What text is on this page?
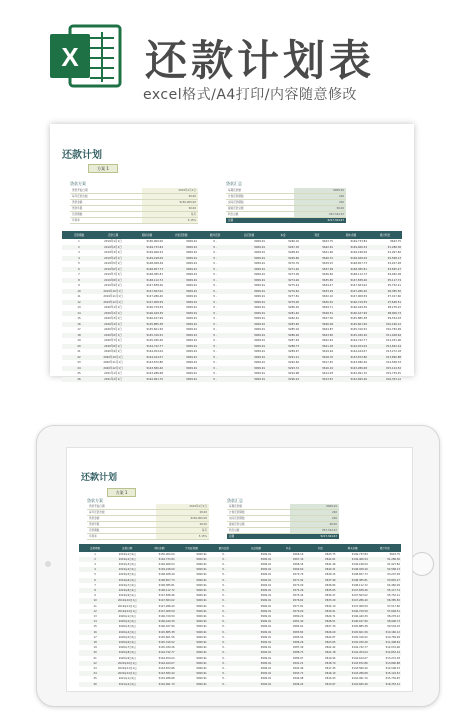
X 还款计划表
excel格式/A4打印/内容随意修改
还款计划
方案 1
贷款方案
贷款开始日期	2019年1月1日
每年还款次数	¥0.00
贷款金额	¥150,000.00
贷款年限	¥0.00
还款期数	每月
年利率	5.15%
贷款汇总
每期还款额	¥909.91
计划还款期数	240
实际还款期数	240
提前还款总额	¥0.00
利息总额	¥67,344.67
总额	¥217,344.67
还款期数	还款日期	期初余额	计划还款额	额外还款	总还款额	本金	利息	期末余额	累计利息
1	2019年1月1日	¥150,000.00	¥909.91	¥ -	¥909.91	¥266.16	¥643.75	¥149,733.84	¥643.75
2	2019年2月1日	¥149,733.84	¥909.91	¥ -	¥909.91	¥267.30	¥642.61	¥149,466.54	¥1,286.36
3	2019年3月1日	¥149,466.54	¥909.91	¥ -	¥909.91	¥268.45	¥641.46	¥149,198.09	¥1,927.82
4	2019年4月1日	¥149,198.09	¥909.91	¥ -	¥909.91	¥269.60	¥640.31	¥148,928.49	¥2,568.13
5	2019年5月1日	¥148,928.49	¥909.91	¥ -	¥909.91	¥270.76	¥639.15	¥148,657.73	¥3,207.28
6	2019年6月1日	¥148,657.73	¥909.91	¥ -	¥909.91	¥271.92	¥637.99	¥148,385.81	¥3,845.27
7	2019年7月1日	¥148,385.81	¥909.91	¥ -	¥909.91	¥273.09	¥636.82	¥148,112.72	¥4,482.09
8	2019年8月1日	¥148,112.72	¥909.91	¥ -	¥909.91	¥274.26	¥635.65	¥147,838.46	¥5,117.74
9	2019年9月1日	¥147,838.46	¥909.91	¥ -	¥909.91	¥275.44	¥634.47	¥147,563.02	¥5,752.21
10	2019年10月1日	¥147,563.02	¥909.91	¥ -	¥909.91	¥276.62	¥633.29	¥147,286.40	¥6,385.50
11	2019年11月1日	¥147,286.40	¥909.91	¥ -	¥909.91	¥277.81	¥632.10	¥147,008.59	¥7,017.60
12	2019年12月1日	¥147,008.59	¥909.91	¥ -	¥909.91	¥279.00	¥630.91	¥146,729.59	¥7,648.51
13	2020年1月1日	¥146,729.59	¥909.91	¥ -	¥909.91	¥280.20	¥629.71	¥146,449.39	¥8,278.22
14	2020年2月1日	¥146,449.39	¥909.91	¥ -	¥909.91	¥281.40	¥628.51	¥146,167.99	¥8,906.73
15	2020年3月1日	¥146,167.99	¥909.91	¥ -	¥909.91	¥282.61	¥627.30	¥145,885.38	¥9,534.03
16	2020年4月1日	¥145,885.38	¥909.91	¥ -	¥909.91	¥283.82	¥626.09	¥145,601.56	¥10,160.12
17	2020年5月1日	¥145,601.56	¥909.91	¥ -	¥909.91	¥285.04	¥624.87	¥145,316.52	¥10,784.99
18	2020年6月1日	¥145,316.52	¥909.91	¥ -	¥909.91	¥286.26	¥623.65	¥145,030.26	¥11,408.64
19	2020年7月1日	¥145,030.26	¥909.91	¥ -	¥909.91	¥287.49	¥622.42	¥144,742.77	¥12,031.06
20	2020年8月1日	¥144,742.77	¥909.91	¥ -	¥909.91	¥288.73	¥621.18	¥144,454.04	¥12,652.24
21	2020年9月1日	¥144,454.04	¥909.91	¥ -	¥909.91	¥289.97	¥619.94	¥144,164.07	¥13,272.18
22	2020年10月1日	¥144,164.07	¥909.91	¥ -	¥909.91	¥291.21	¥618.70	¥143,872.86	¥13,890.88
23	2020年11月1日	¥143,872.86	¥909.91	¥ -	¥909.91	¥292.46	¥617.45	¥143,580.40	¥14,508.33
24	2020年12月1日	¥143,580.40	¥909.91	¥ -	¥909.91	¥293.72	¥616.19	¥143,286.68	¥15,124.52
25	2021年1月1日	¥143,286.68	¥909.91	¥ -	¥909.91	¥294.98	¥614.93	¥142,991.70	¥15,739.45
26	2021年2月1日	¥142,991.70	¥909.91	¥ -	¥909.91	¥296.24	¥613.67	¥142,695.46	¥16,353.12
还款计划
方案 1
贷款方案
贷款开始日期	2019年1月1日
每年还款次数	¥0.00
贷款金额	¥150,000.00
贷款年限	¥0.00
还款期数	每月
年利率	5.15%
贷款汇总
每期还款额	¥909.91
计划还款期数	240
实际还款期数	240
提前还款总额	¥0.00
利息总额	¥67,344.67
总额	¥217,344.67
还款期数	还款日期	期初余额	计划还款额	额外还款	总还款额	本金	利息	期末余额	累计利息
1	2019年1月1日	¥150,000.00	¥909.91	¥ -	¥909.91	¥266.16	¥643.75	¥149,733.84	¥643.75
2	2019年2月1日	¥149,733.84	¥909.91	¥ -	¥909.91	¥267.30	¥642.61	¥149,466.54	¥1,286.36
3	2019年3月1日	¥149,466.54	¥909.91	¥ -	¥909.91	¥268.45	¥641.46	¥149,198.09	¥1,927.82
4	2019年4月1日	¥149,198.09	¥909.91	¥ -	¥909.91	¥269.60	¥640.31	¥148,928.49	¥2,568.13
5	2019年5月1日	¥148,928.49	¥909.91	¥ -	¥909.91	¥270.76	¥639.15	¥148,657.73	¥3,207.28
6	2019年6月1日	¥148,657.73	¥909.91	¥ -	¥909.91	¥271.92	¥637.99	¥148,385.81	¥3,845.27
7	2019年7月1日	¥148,385.81	¥909.91	¥ -	¥909.91	¥273.09	¥636.82	¥148,112.72	¥4,482.09
8	2019年8月1日	¥148,112.72	¥909.91	¥ -	¥909.91	¥274.26	¥635.65	¥147,838.46	¥5,117.74
9	2019年9月1日	¥147,838.46	¥909.91	¥ -	¥909.91	¥275.44	¥634.47	¥147,563.02	¥5,752.21
10	2019年10月1日	¥147,563.02	¥909.91	¥ -	¥909.91	¥276.62	¥633.29	¥147,286.40	¥6,385.50
11	2019年11月1日	¥147,286.40	¥909.91	¥ -	¥909.91	¥277.81	¥632.10	¥147,008.59	¥7,017.60
12	2019年12月1日	¥147,008.59	¥909.91	¥ -	¥909.91	¥279.00	¥630.91	¥146,729.59	¥7,648.51
13	2020年1月1日	¥146,729.59	¥909.91	¥ -	¥909.91	¥280.20	¥629.71	¥146,449.39	¥8,278.22
14	2020年2月1日	¥146,449.39	¥909.91	¥ -	¥909.91	¥281.40	¥628.51	¥146,167.99	¥8,906.73
15	2020年3月1日	¥146,167.99	¥909.91	¥ -	¥909.91	¥282.61	¥627.30	¥145,885.38	¥9,534.03
16	2020年4月1日	¥145,885.38	¥909.91	¥ -	¥909.91	¥283.82	¥626.09	¥145,601.56	¥10,160.12
17	2020年5月1日	¥145,601.56	¥909.91	¥ -	¥909.91	¥285.04	¥624.87	¥145,316.52	¥10,784.99
18	2020年6月1日	¥145,316.52	¥909.91	¥ -	¥909.91	¥286.26	¥623.65	¥145,030.26	¥11,408.64
19	2020年7月1日	¥145,030.26	¥909.91	¥ -	¥909.91	¥287.49	¥622.42	¥144,742.77	¥12,031.06
20	2020年8月1日	¥144,742.77	¥909.91	¥ -	¥909.91	¥288.73	¥621.18	¥144,454.04	¥12,652.24
21	2020年9月1日	¥144,454.04	¥909.91	¥ -	¥909.91	¥289.97	¥619.94	¥144,164.07	¥13,272.18
22	2020年10月1日	¥144,164.07	¥909.91	¥ -	¥909.91	¥291.21	¥618.70	¥143,872.86	¥13,890.88
23	2020年11月1日	¥143,872.86	¥909.91	¥ -	¥909.91	¥292.46	¥617.45	¥143,580.40	¥14,508.33
24	2020年12月1日	¥143,580.40	¥909.91	¥ -	¥909.91	¥293.72	¥616.19	¥143,286.68	¥15,124.52
25	2021年1月1日	¥143,286.68	¥909.91	¥ -	¥909.91	¥294.98	¥614.93	¥142,991.70	¥15,739.45
26	2021年2月1日	¥142,991.70	¥909.91	¥ -	¥909.91	¥296.24	¥613.67	¥142,695.46	¥16,353.12
